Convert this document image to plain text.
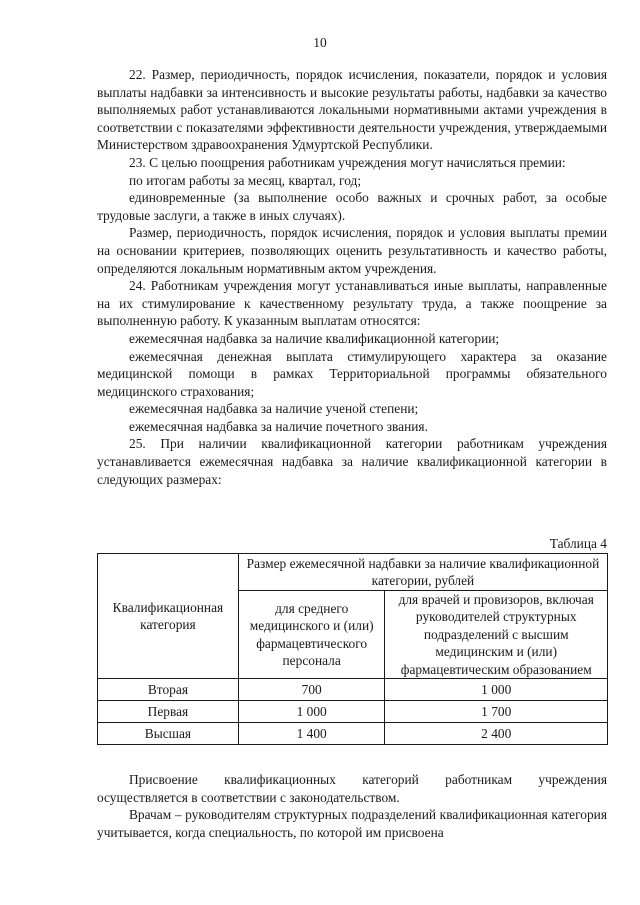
10

22. Размер, периодичность, порядок исчисления, показатели, порядок и условия выплаты надбавки за интенсивность и высокие результаты работы, надбавки за качество выполняемых работ устанавливаются локальными нормативными актами учреждения в соответствии с показателями эффективности деятельности учреждения, утверждаемыми Министерством здравоохранения Удмуртской Республики.

23. С целью поощрения работникам учреждения могут начисляться премии:

по итогам работы за месяц, квартал, год;

единовременные (за выполнение особо важных и срочных работ, за особые трудовые заслуги, а также в иных случаях).

Размер, периодичность, порядок исчисления, порядок и условия выплаты премии на основании критериев, позволяющих оценить результативность и качество работы, определяются локальным нормативным актом учреждения.

24. Работникам учреждения могут устанавливаться иные выплаты, направленные на их стимулирование к качественному результату труда, а также поощрение за выполненную работу. К указанным выплатам относятся:

ежемесячная надбавка за наличие квалификационной категории;

ежемесячная денежная выплата стимулирующего характера за оказание медицинской помощи в рамках Территориальной программы обязательного медицинского страхования;

ежемесячная надбавка за наличие ученой степени;

ежемесячная надбавка за наличие почетного звания.

25. При наличии квалификационной категории работникам учреждения устанавливается ежемесячная надбавка за наличие квалификационной категории в следующих размерах:

Таблица 4
Квалификационная категория	Размер ежемесячной надбавки за наличие квалификационной категории, рублей	
	для среднего медицинского и (или) фармацевтического персонала	для врачей и провизоров, включая руководителей структурных подразделений с высшим медицинским и (или) фармацевтическим образованием
Вторая	700	1 000
Первая	1 000	1 700
Высшая	1 400	2 400

Присвоение квалификационных категорий работникам учреждения осуществляется в соответствии с законодательством.

Врачам – руководителям структурных подразделений квалификационная категория учитывается, когда специальность, по которой им присвоена
